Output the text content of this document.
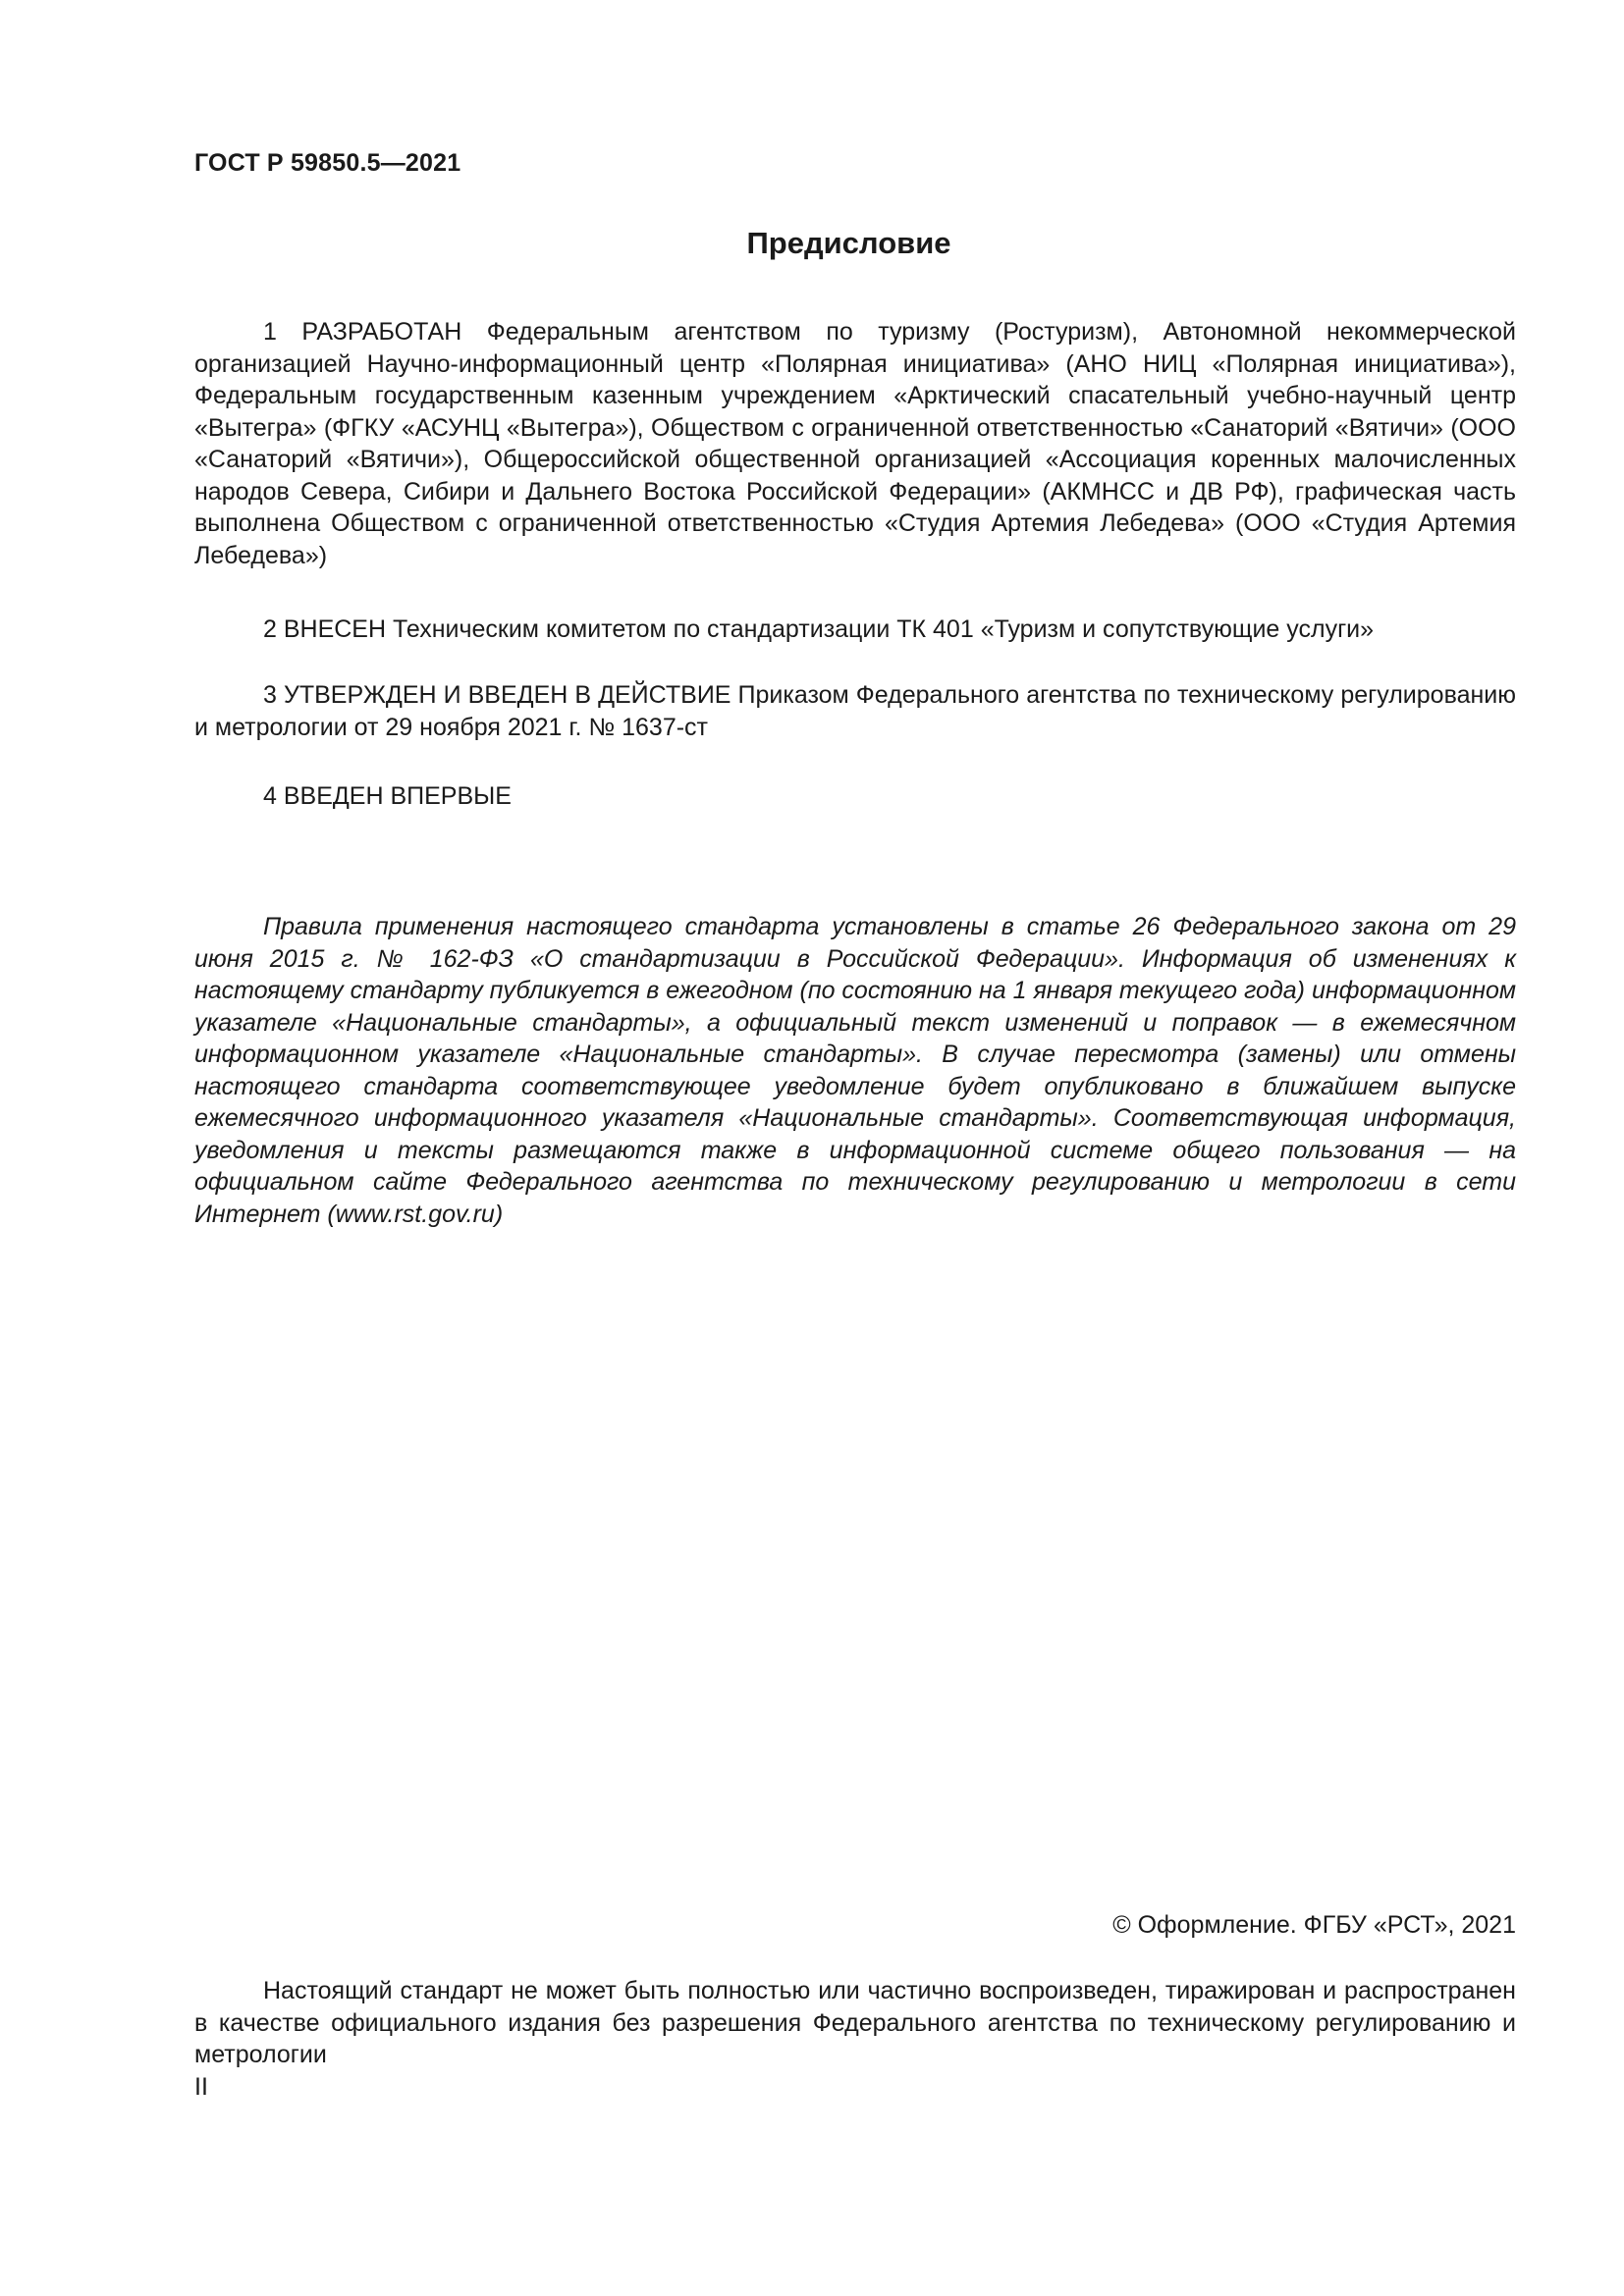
ГОСТ Р 59850.5—2021
Предисловие

1 РАЗРАБОТАН Федеральным агентством по туризму (Ростуризм), Автономной некоммерческой организацией Научно-информационный центр «Полярная инициатива» (АНО НИЦ «Полярная инициатива»), Федеральным государственным казенным учреждением «Арктический спасательный учебно-научный центр «Вытегра» (ФГКУ «АСУНЦ «Вытегра»), Обществом с ограниченной ответственностью «Санаторий «Вятичи» (ООО «Санаторий «Вятичи»), Общероссийской общественной организацией «Ассоциация коренных малочисленных народов Севера, Сибири и Дальнего Востока Российской Федерации» (АКМНСС и ДВ РФ), графическая часть выполнена Обществом с ограниченной ответственностью «Студия Артемия Лебедева» (ООО «Студия Артемия Лебедева»)

2 ВНЕСЕН Техническим комитетом по стандартизации ТК 401 «Туризм и сопутствующие услуги»

3 УТВЕРЖДЕН И ВВЕДЕН В ДЕЙСТВИЕ Приказом Федерального агентства по техническому регулированию и метрологии от 29 ноября 2021 г. № 1637-ст

4 ВВЕДЕН ВПЕРВЫЕ

Правила применения настоящего стандарта установлены в статье 26 Федерального закона от 29 июня 2015 г. № 162-ФЗ «О стандартизации в Российской Федерации». Информация об изменениях к настоящему стандарту публикуется в ежегодном (по состоянию на 1 января текущего года) информационном указателе «Национальные стандарты», а официальный текст изменений и поправок — в ежемесячном информационном указателе «Национальные стандарты». В случае пересмотра (замены) или отмены настоящего стандарта соответствующее уведомление будет опубликовано в ближайшем выпуске ежемесячного информационного указателя «Национальные стандарты». Соответствующая информация, уведомления и тексты размещаются также в информационной системе общего пользования — на официальном сайте Федерального агентства по техническому регулированию и метрологии в сети Интернет (www.rst.gov.ru)

© Оформление. ФГБУ «РСТ», 2021

Настоящий стандарт не может быть полностью или частично воспроизведен, тиражирован и распространен в качестве официального издания без разрешения Федерального агентства по техническому регулированию и метрологии

II
